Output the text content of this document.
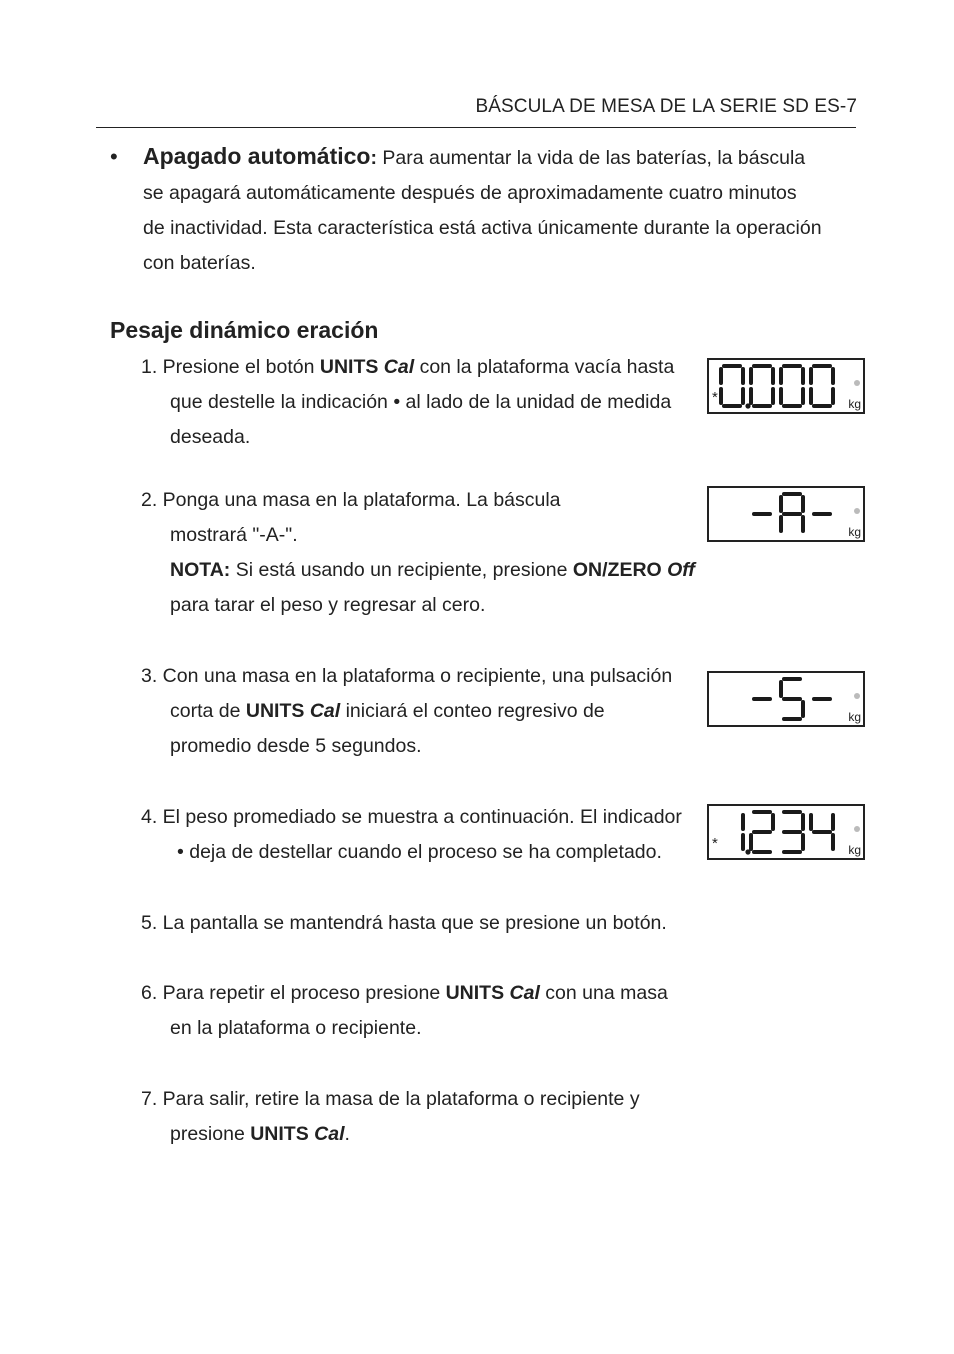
BÁSCULA DE MESA DE LA SERIE SD ES-7
• Apagado automático: Para aumentar la vida de las baterías, la báscula
se apagará automáticamente después de aproximadamente cuatro minutos
de inactividad. Esta característica está activa únicamente durante la operación
con baterías.
Pesaje dinámico eración
1. Presione el botón UNITS Cal con la plataforma vacía hasta
que destelle la indicación • al lado de la unidad de medida
deseada.
2. Ponga una masa en la plataforma. La báscula
mostrará "-A-".
NOTA: Si está usando un recipiente, presione ON/ZERO Off
para tarar el peso y regresar al cero.
3. Con una masa en la plataforma o recipiente, una pulsación
corta de UNITS Cal iniciará el conteo regresivo de
promedio desde 5 segundos.
4. El peso promediado se muestra a continuación. El indicador
• deja de destellar cuando el proceso se ha completado.
5. La pantalla se mantendrá hasta que se presione un botón.
6. Para repetir el proceso presione UNITS Cal con una masa
en la plataforma o recipiente.
7. Para salir, retire la masa de la plataforma o recipiente y
presione UNITS Cal.
*	kg
kg
kg
*	kg
